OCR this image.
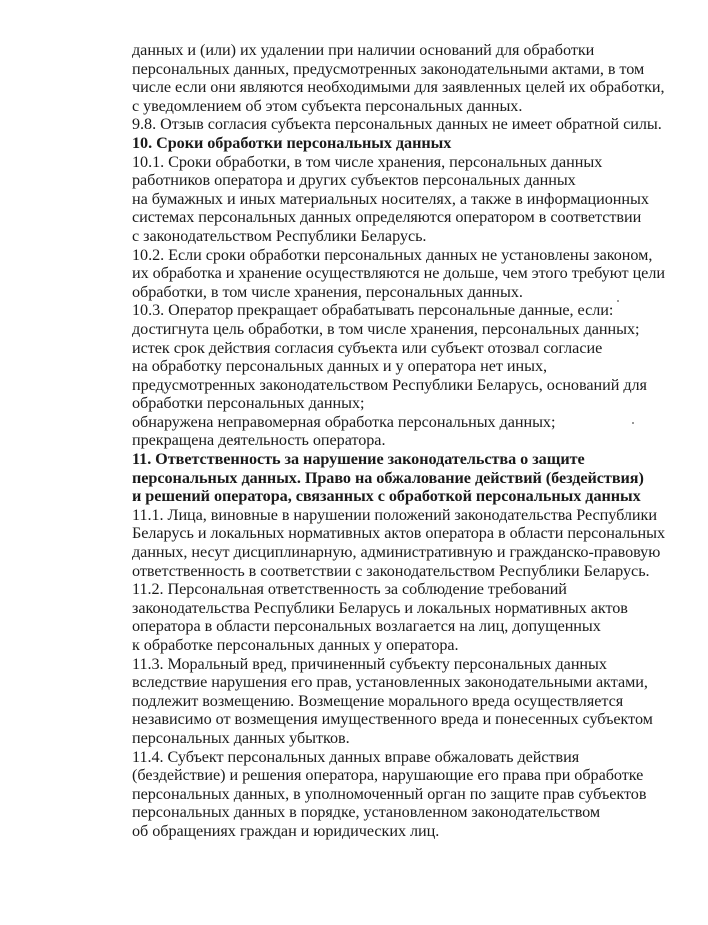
данных и (или) их удалении при наличии оснований для обработки
персональных данных, предусмотренных законодательными актами, в том
числе если они являются необходимыми для заявленных целей их обработки,
с уведомлением об этом субъекта персональных данных.
9.8. Отзыв согласия субъекта персональных данных не имеет обратной силы.
10. Сроки обработки персональных данных
10.1. Сроки обработки, в том числе хранения, персональных данных
работников оператора и других субъектов персональных данных
на бумажных и иных материальных носителях, а также в информационных
системах персональных данных определяются оператором в соответствии
с законодательством Республики Беларусь.
10.2. Если сроки обработки персональных данных не установлены законом,
их обработка и хранение осуществляются не дольше, чем этого требуют цели
обработки, в том числе хранения, персональных данных.
10.3. Оператор прекращает обрабатывать персональные данные, если:
достигнута цель обработки, в том числе хранения, персональных данных;
истек срок действия согласия субъекта или субъект отозвал согласие
на обработку персональных данных и у оператора нет иных,
предусмотренных законодательством Республики Беларусь, оснований для
обработки персональных данных;
обнаружена неправомерная обработка персональных данных;
прекращена деятельность оператора.
11. Ответственность за нарушение законодательства о защите
персональных данных. Право на обжалование действий (бездействия)
и решений оператора, связанных с обработкой персональных данных
11.1. Лица, виновные в нарушении положений законодательства Республики
Беларусь и локальных нормативных актов оператора в области персональных
данных, несут дисциплинарную, административную и гражданско-правовую
ответственность в соответствии с законодательством Республики Беларусь.
11.2. Персональная ответственность за соблюдение требований
законодательства Республики Беларусь и локальных нормативных актов
оператора в области персональных возлагается на лиц, допущенных
к обработке персональных данных у оператора.
11.3. Моральный вред, причиненный субъекту персональных данных
вследствие нарушения его прав, установленных законодательными актами,
подлежит возмещению. Возмещение морального вреда осуществляется
независимо от возмещения имущественного вреда и понесенных субъектом
персональных данных убытков.
11.4. Субъект персональных данных вправе обжаловать действия
(бездействие) и решения оператора, нарушающие его права при обработке
персональных данных, в уполномоченный орган по защите прав субъектов
персональных данных в порядке, установленном законодательством
об обращениях граждан и юридических лиц.
